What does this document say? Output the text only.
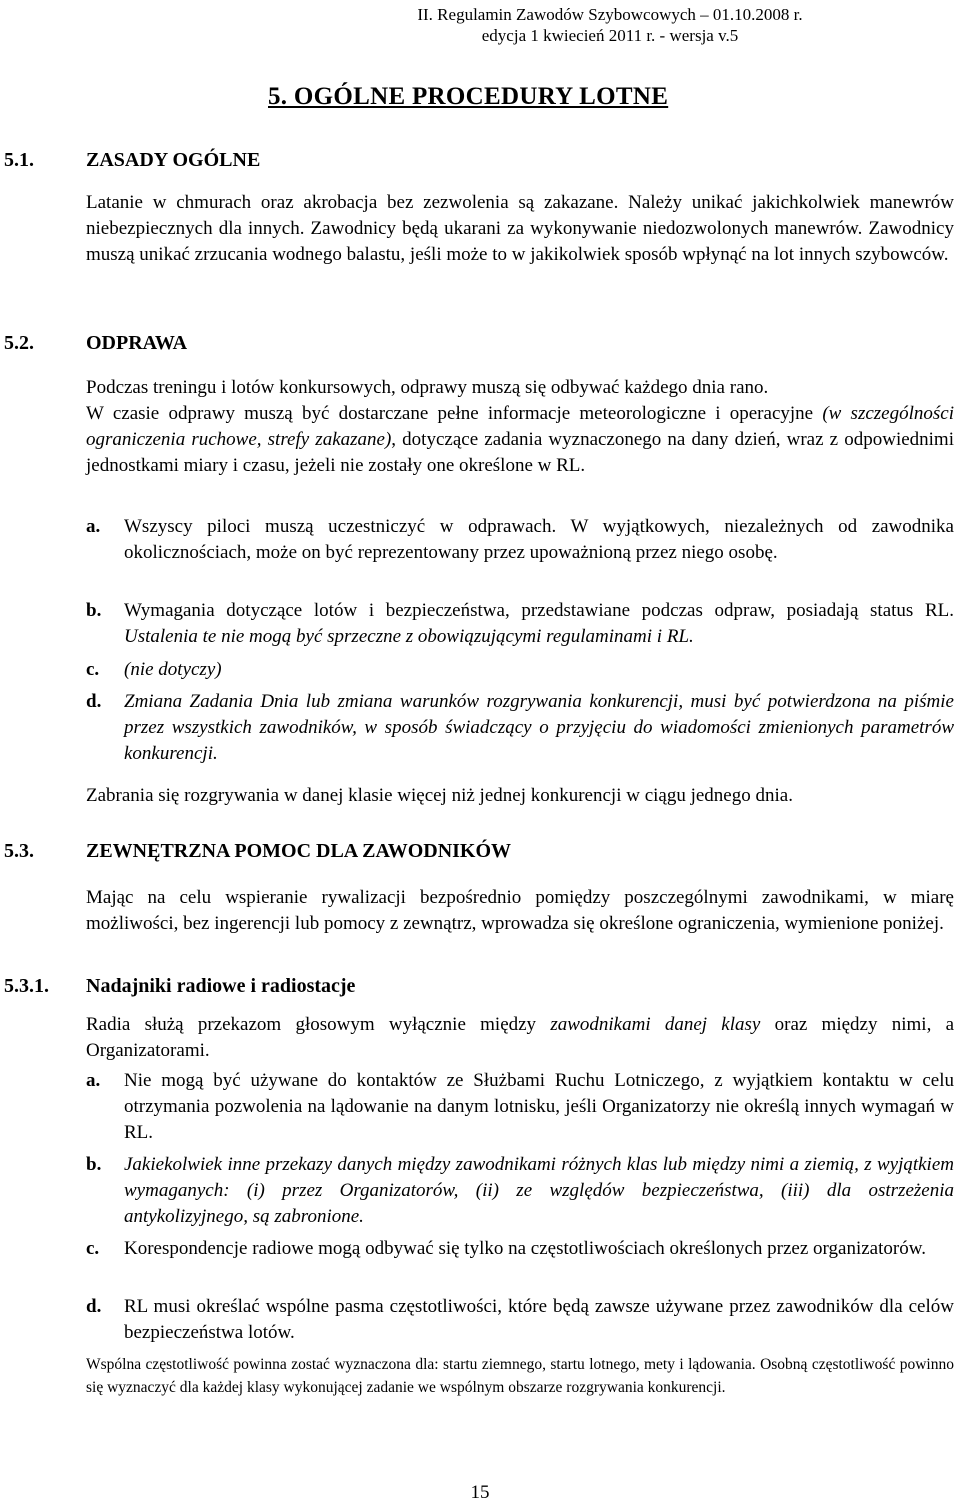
II. Regulamin Zawodów Szybowcowych – 01.10.2008 r.
edycja 1 kwiecień 2011 r. - wersja v.5
5. OGÓLNE PROCEDURY LOTNE
5.1.	ZASADY OGÓLNE
Latanie w chmurach oraz akrobacja bez zezwolenia są zakazane. Należy unikać jakichkolwiek manewrów niebezpiecznych dla innych. Zawodnicy będą ukarani za wykonywanie niedozwolonych manewrów. Zawodnicy muszą unikać zrzucania wodnego balastu, jeśli może to w jakikolwiek sposób wpłynąć na lot innych szybowców.
5.2.	ODPRAWA
Podczas treningu i lotów konkursowych, odprawy muszą się odbywać każdego dnia rano.
W czasie odprawy muszą być dostarczane pełne informacje meteorologiczne i operacyjne (w szczególności ograniczenia ruchowe, strefy zakazane), dotyczące zadania wyznaczonego na dany dzień, wraz z odpowiednimi jednostkami miary i czasu, jeżeli nie zostały one określone w RL.
a. Wszyscy piloci muszą uczestniczyć w odprawach. W wyjątkowych, niezależnych od zawodnika okolicznościach, może on być reprezentowany przez upoważnioną przez niego osobę.
b. Wymagania dotyczące lotów i bezpieczeństwa, przedstawiane podczas odpraw, posiadają status RL. Ustalenia te nie mogą być sprzeczne z obowiązującymi regulaminami i RL.
c. (nie dotyczy)
d. Zmiana Zadania Dnia lub zmiana warunków rozgrywania konkurencji, musi być potwierdzona na piśmie przez wszystkich zawodników, w sposób świadczący o przyjęciu do wiadomości zmienionych parametrów konkurencji.
Zabrania się rozgrywania w danej klasie więcej niż jednej konkurencji w ciągu jednego dnia.
5.3.	ZEWNĘTRZNA POMOC DLA ZAWODNIKÓW
Mając na celu wspieranie rywalizacji bezpośrednio pomiędzy poszczególnymi zawodnikami, w miarę możliwości, bez ingerencji lub pomocy z zewnątrz, wprowadza się określone ograniczenia, wymienione poniżej.
5.3.1. Nadajniki radiowe i radiostacje
Radia służą przekazom głosowym wyłącznie między zawodnikami danej klasy oraz między nimi, a Organizatorami.
a. Nie mogą być używane do kontaktów ze Służbami Ruchu Lotniczego, z wyjątkiem kontaktu w celu otrzymania pozwolenia na lądowanie na danym lotnisku, jeśli Organizatorzy nie określą innych wymagań w RL.
b. Jakiekolwiek inne przekazy danych między zawodnikami różnych klas lub między nimi a ziemią, z wyjątkiem wymaganych: (i) przez Organizatorów, (ii) ze względów bezpieczeństwa, (iii) dla ostrzeżenia antykolizyjnego, są zabronione.
c. Korespondencje radiowe mogą odbywać się tylko na częstotliwościach określonych przez organizatorów.
d. RL musi określać wspólne pasma częstotliwości, które będą zawsze używane przez zawodników dla celów bezpieczeństwa lotów.
Wspólna częstotliwość powinna zostać wyznaczona dla: startu ziemnego, startu lotnego, mety i lądowania. Osobną częstotliwość powinno się wyznaczyć dla każdej klasy wykonującej zadanie we wspólnym obszarze rozgrywania konkurencji.
15
